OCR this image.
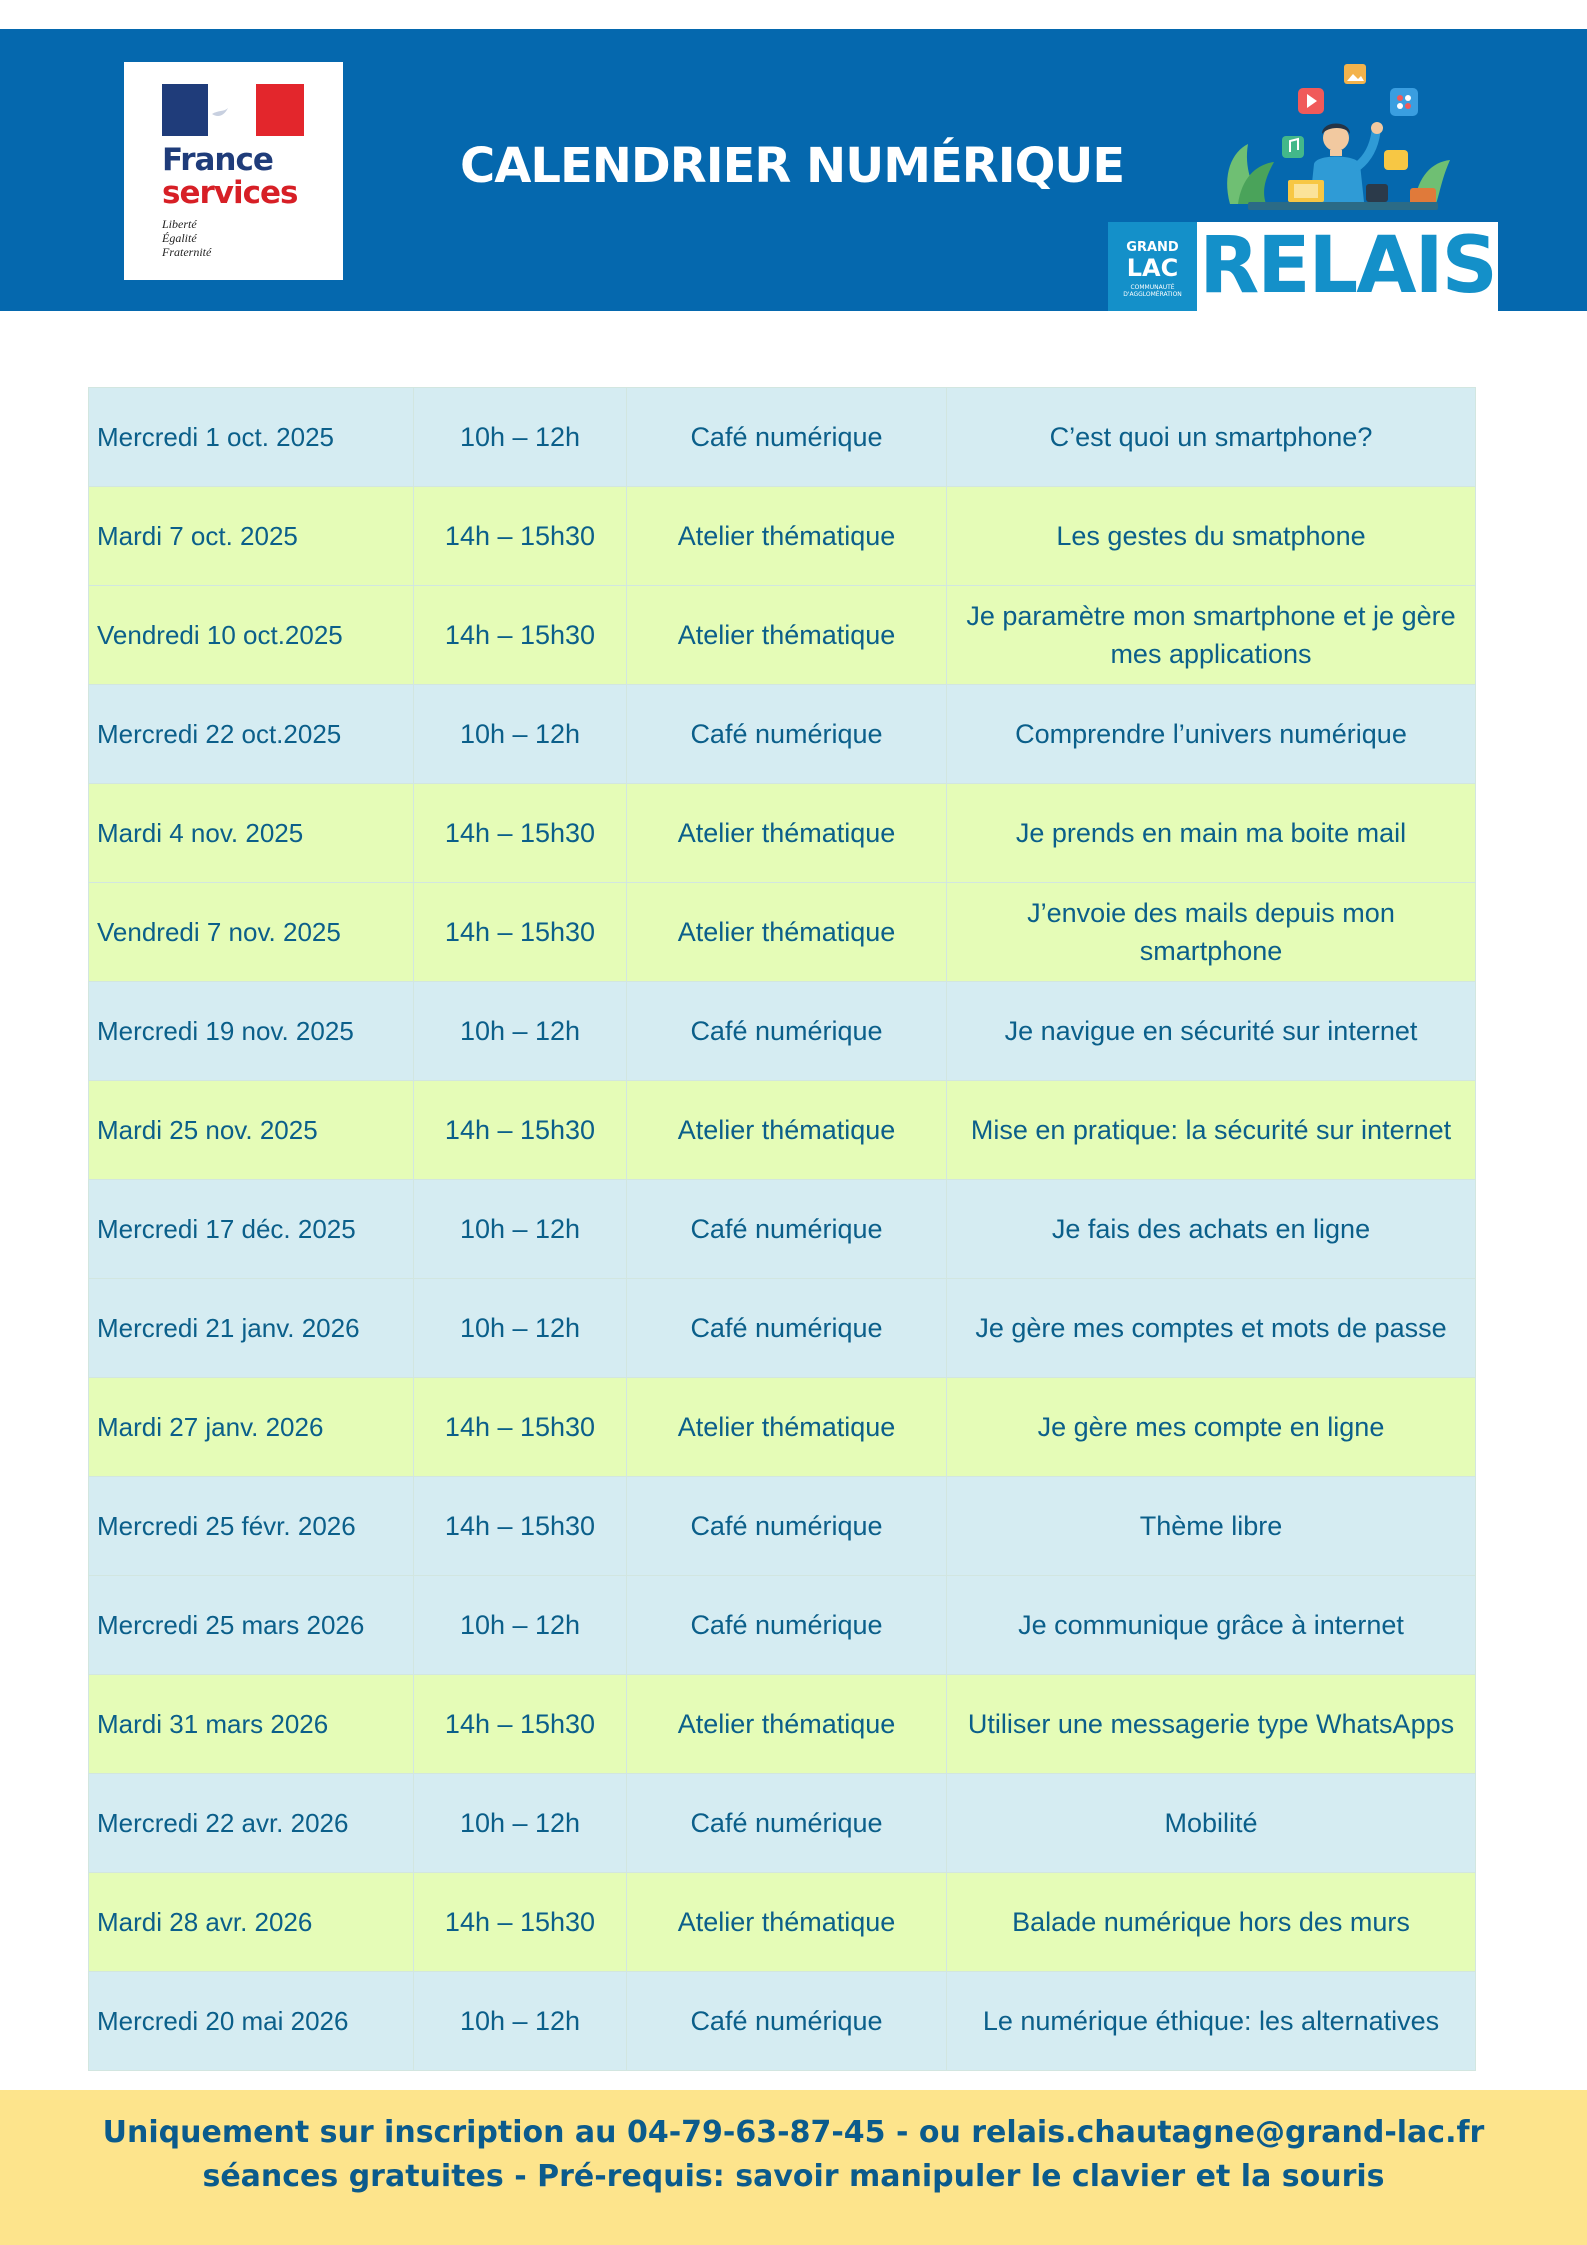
France
services
Liberté
Égalité
Fraternité
CALENDRIER NUMÉRIQUE
GRAND
LAC
COMMUNAUTÉ D'AGGLOMÉRATION RELAIS
Mercredi 1 oct. 2025	10h – 12h	Café numérique	C’est quoi un smartphone?
Mardi 7 oct. 2025	14h – 15h30	Atelier thématique	Les gestes du smatphone
Vendredi 10 oct.2025	14h – 15h30	Atelier thématique	Je paramètre mon smartphone et je gère mes applications
Mercredi 22 oct.2025	10h – 12h	Café numérique	Comprendre l’univers numérique
Mardi 4 nov. 2025	14h – 15h30	Atelier thématique	Je prends en main ma boite mail
Vendredi 7 nov. 2025	14h – 15h30	Atelier thématique	J’envoie des mails depuis mon smartphone
Mercredi 19 nov. 2025	10h – 12h	Café numérique	Je navigue en sécurité sur internet
Mardi 25 nov. 2025	14h – 15h30	Atelier thématique	Mise en pratique: la sécurité sur internet
Mercredi 17 déc. 2025	10h – 12h	Café numérique	Je fais des achats en ligne
Mercredi 21 janv. 2026	10h – 12h	Café numérique	Je gère mes comptes et mots de passe
Mardi 27 janv. 2026	14h – 15h30	Atelier thématique	Je gère mes compte en ligne
Mercredi 25 févr. 2026	14h – 15h30	Café numérique	Thème libre
Mercredi 25 mars 2026	10h – 12h	Café numérique	Je communique grâce à internet
Mardi 31 mars 2026	14h – 15h30	Atelier thématique	Utiliser une messagerie type WhatsApps
Mercredi 22 avr. 2026	10h – 12h	Café numérique	Mobilité
Mardi 28 avr. 2026	14h – 15h30	Atelier thématique	Balade numérique hors des murs
Mercredi 20 mai 2026	10h – 12h	Café numérique	Le numérique éthique: les alternatives
Uniquement sur inscription au 04-79-63-87-45 - ou relais.chautagne@grand-lac.fr
séances gratuites - Pré-requis: savoir manipuler le clavier et la souris
